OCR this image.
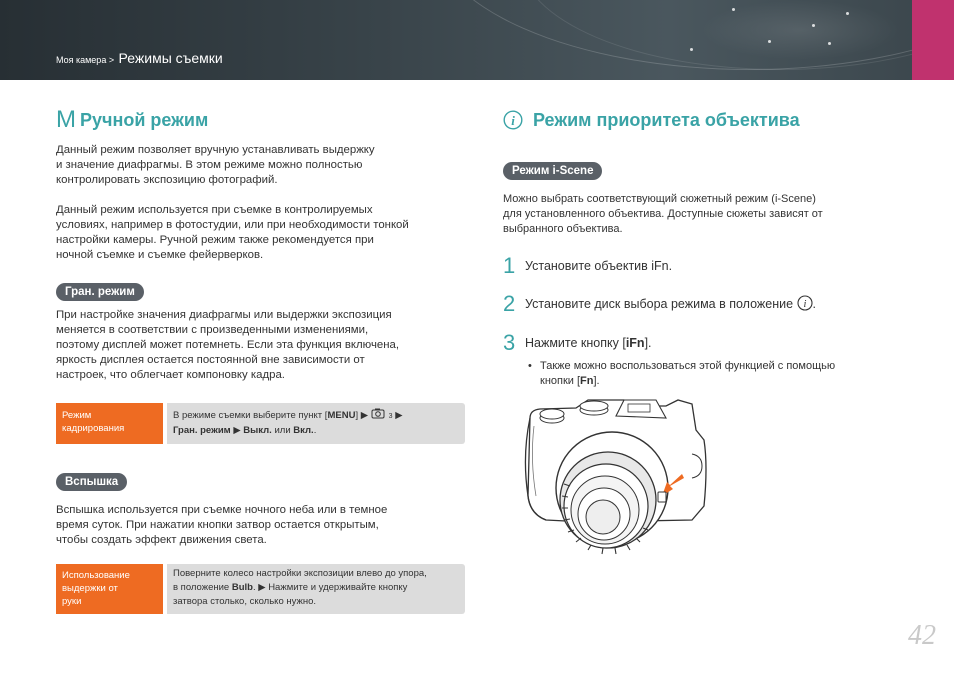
Моя камера > Режимы съемки
M Ручной режим
Данный режим позволяет вручную устанавливать выдержку
и значение диафрагмы. В этом режиме можно полностью
контролировать экспозицию фотографий.
Данный режим используется при съемке в контролируемых
условиях, например в фотостудии, или при необходимости тонкой
настройки камеры. Ручной режим также рекомендуется при
ночной съемке и съемке фейерверков.
Гран. режим
При настройке значения диафрагмы или выдержки экспозиция
меняется в соответствии с произведенными изменениями,
поэтому дисплей может потемнеть. Если эта функция включена,
яркость дисплея остается постоянной вне зависимости от
настроек, что облегчает компоновку кадра.
Режим
кадрирования
В режиме съемки выберите пункт [MENU] ▶	3 ▶
Гран. режим ▶ Выкл. или Вкл..
Вспышка
Вспышка используется при съемке ночного неба или в темное
время суток. При нажатии кнопки затвор остается открытым,
чтобы создать эффект движения света.
Использование
выдержки от
руки
Поверните колесо настройки экспозиции влево до упора,
в положение Bulb. ▶ Нажмите и удерживайте кнопку
затвора столько, сколько нужно.
i Режим приоритета объектива
Режим i-Scene
Можно выбрать соответствующий сюжетный режим (i-Scene)
для установленного объектива. Доступные сюжеты зависят от
выбранного объектива.
1 Установите объектив iFn.
2 Установите диск выбора режима в положение i .
3 Нажмите кнопку [iFn].
• Также можно воспользоваться этой функцией с помощью
кнопки [Fn].
42
